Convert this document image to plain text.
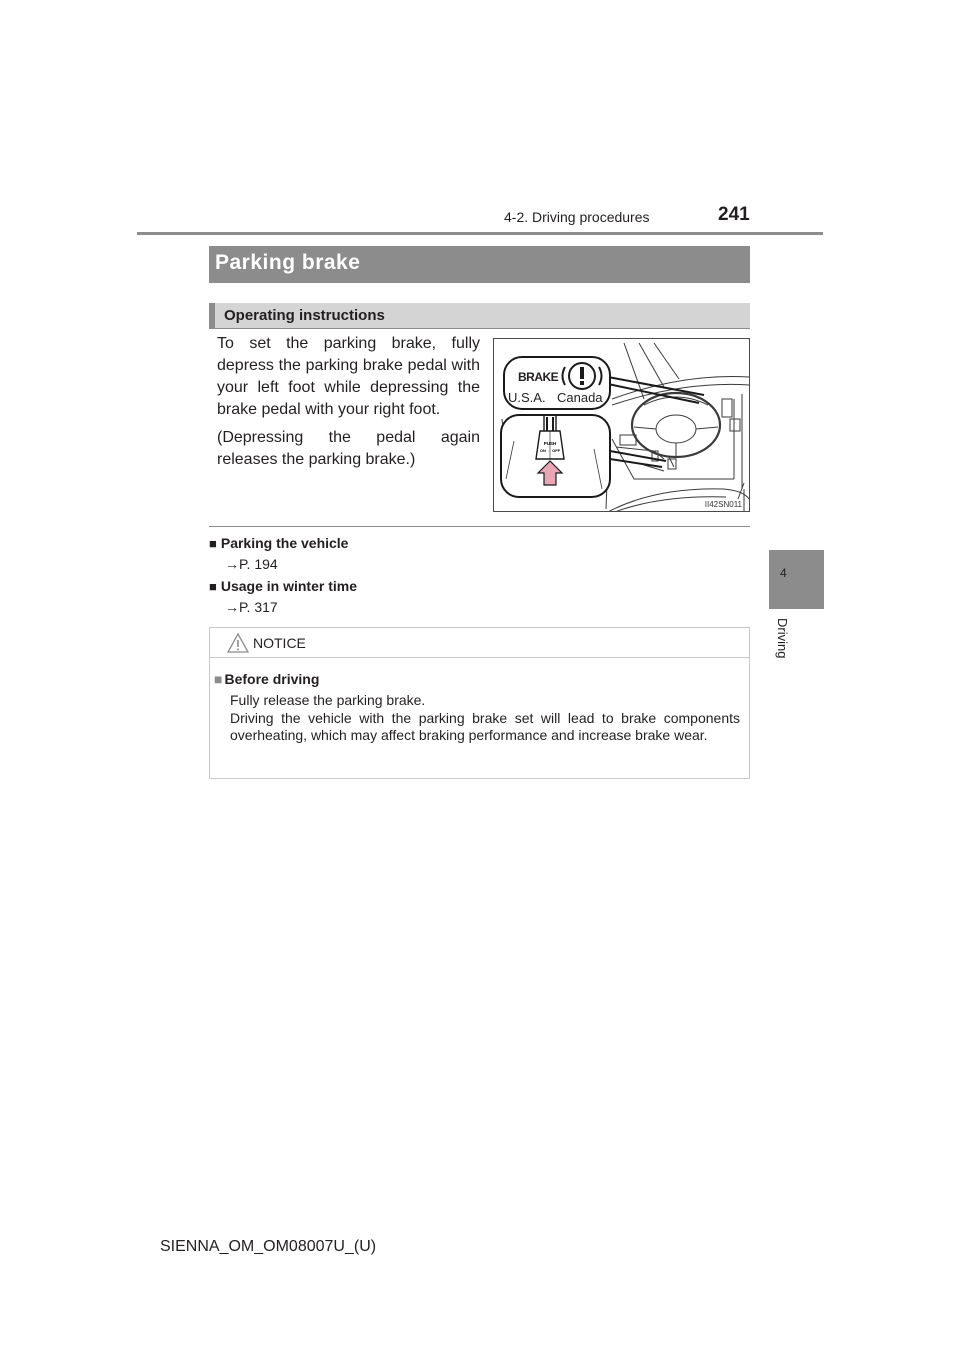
4-2. Driving procedures	241
4
Driving
Parking brake
Operating instructions

To set the parking brake, fully depress the parking brake pedal with your left foot while depressing the brake pedal with your right foot.

(Depressing the pedal again releases the parking brake.)

PUSH
ON ⇔ OFF
BRAKE
U.S.A. Canada
II42SN011
■ Parking the vehicle
→P. 194
■ Usage in winter time
→P. 317
NOTICE
■ Before driving
Fully release the parking brake.
Driving the vehicle with the parking brake set will lead to brake components overheating, which may affect braking performance and increase brake wear.
SIENNA_OM_OM08007U_(U)
